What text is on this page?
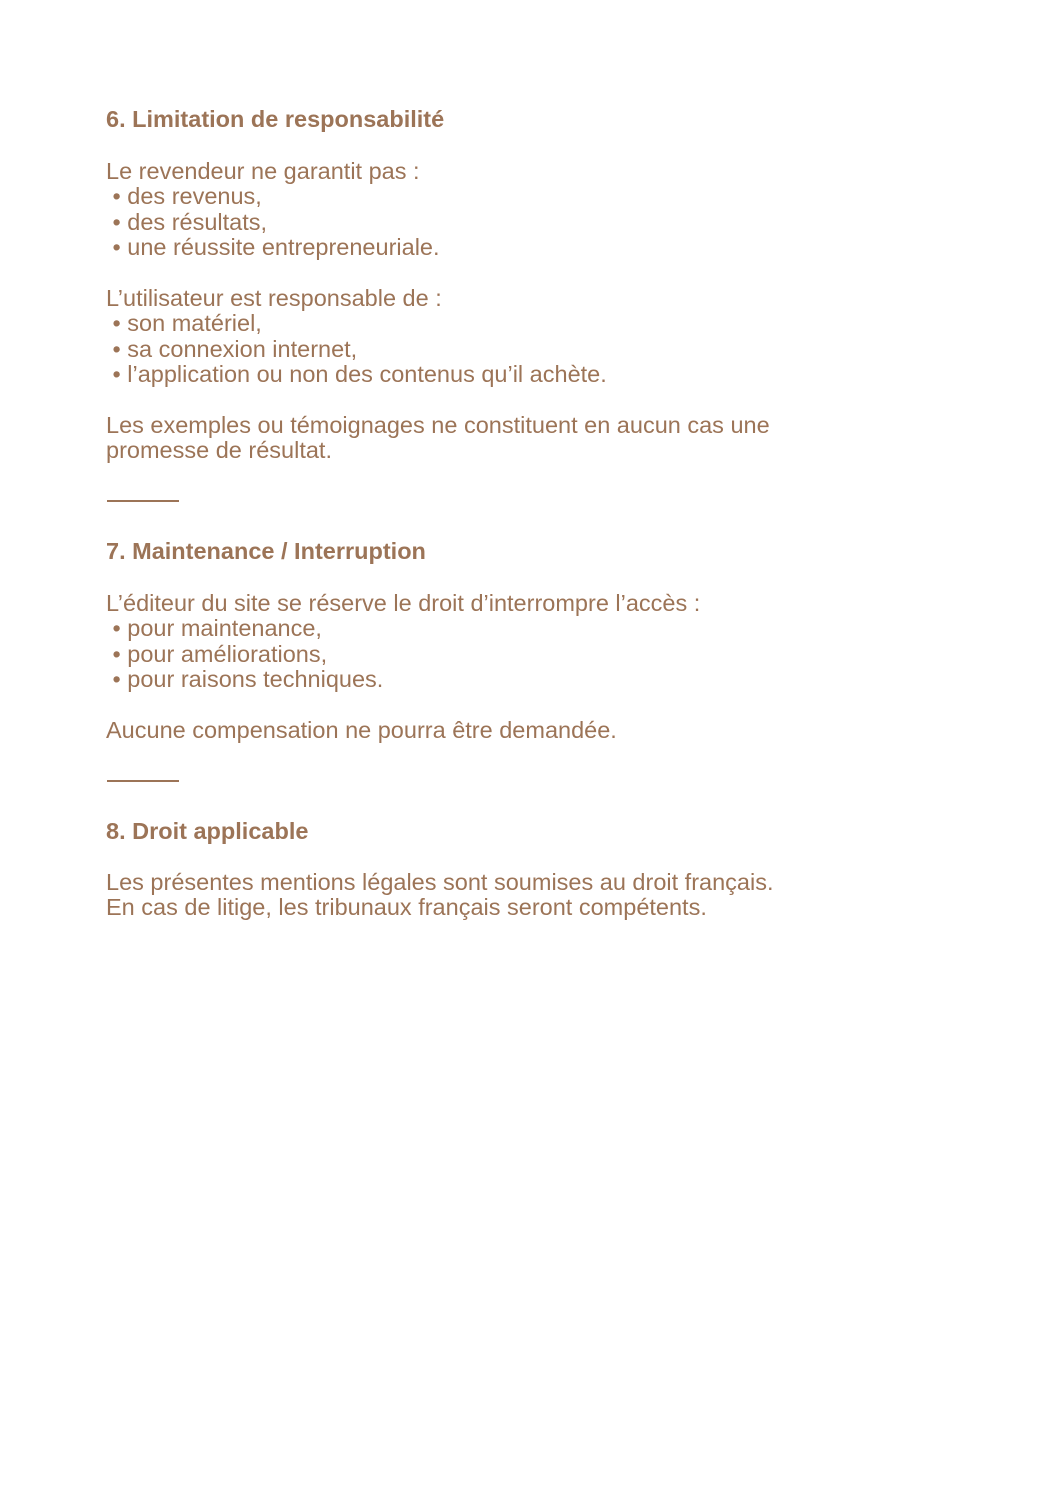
6. Limitation de responsabilité
Le revendeur ne garantit pas :
• des revenus,
• des résultats,
• une réussite entrepreneuriale.
L’utilisateur est responsable de :
• son matériel,
• sa connexion internet,
• l’application ou non des contenus qu’il achète.
Les exemples ou témoignages ne constituent en aucun cas une
promesse de résultat.
7. Maintenance / Interruption
L’éditeur du site se réserve le droit d’interrompre l’accès :
• pour maintenance,
• pour améliorations,
• pour raisons techniques.
Aucune compensation ne pourra être demandée.
8. Droit applicable
Les présentes mentions légales sont soumises au droit français.
En cas de litige, les tribunaux français seront compétents.
